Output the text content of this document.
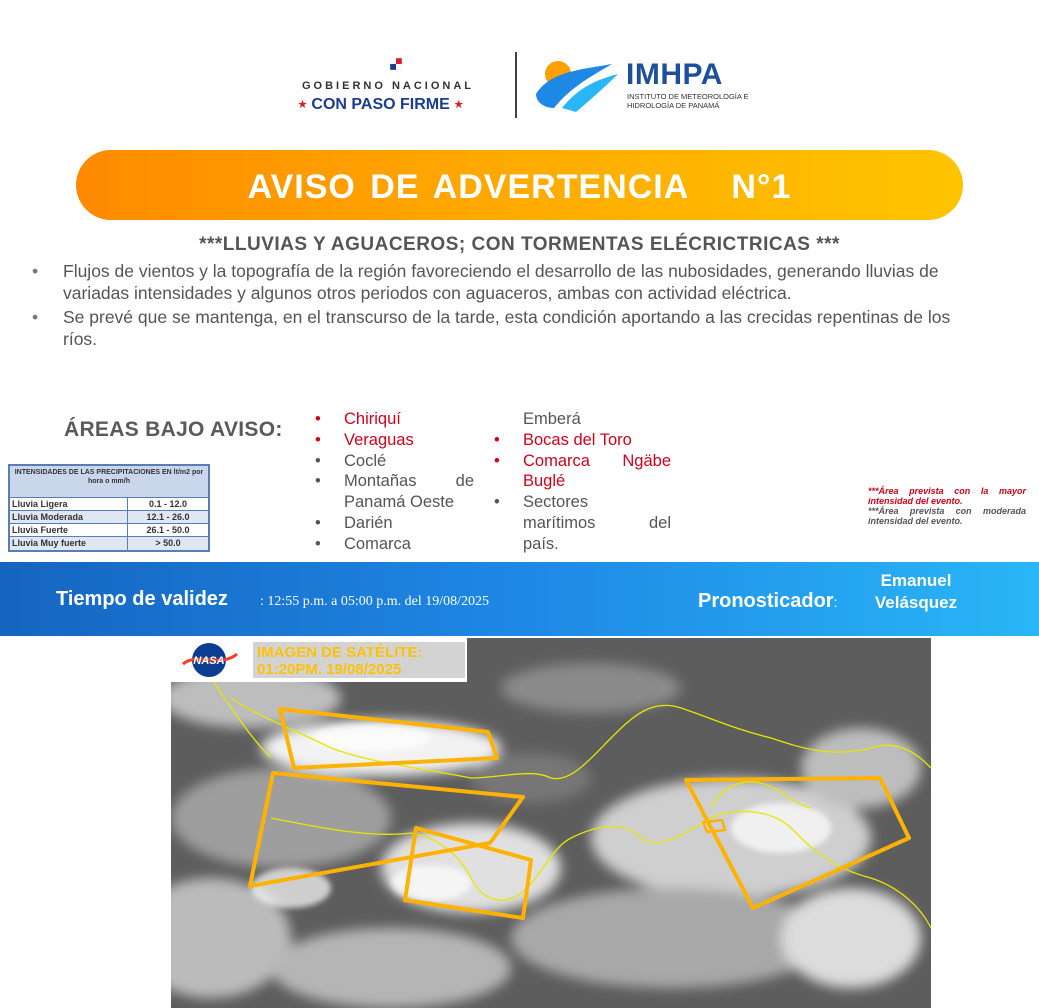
GOBIERNO NACIONAL
★ CON PASO FIRME ★
IMHPA
INSTITUTO DE METEOROLOGÍA E HIDROLOGÍA DE PANAMÁ
AVISO DE ADVERTENCIA   N°1
***LLUVIAS Y AGUACEROS; CON TORMENTAS ELÉCRICTRICAS ***
• Flujos de vientos y la topografía de la región favoreciendo el desarrollo de las nubosidades, generando lluvias de variadas intensidades y algunos otros periodos con aguaceros, ambas con actividad eléctrica.
• Se prevé que se mantenga, en el transcurso de la tarde, esta condición aportando a las crecidas repentinas de los ríos.
ÁREAS BAJO AVISO: • Chiriquí
• Veraguas
• Coclé
• Montañas de
Panamá Oeste
• Darién
• Comarca
Emberá
• Bocas del Toro
• Comarca Ngäbe
Buglé
• Sectores
marítimos	del
país.
INTENSIDADES DE LAS PRECIPITACIONES EN lt/m2 por hora o mm/h
Lluvia Ligera	0.1 - 12.0
Lluvia Moderada	12.1 - 26.0
Lluvia Fuerte	26.1 - 50.0
Lluvia Muy fuerte	> 50.0
***Área prevista con la mayor intensidad del evento.
***Área prevista con moderada intensidad del evento.
Tiempo de validez : 12:55 p.m. a 05:00 p.m. del 19/08/2025	Pronosticador:
Emanuel Velásquez
NASA IMAGEN DE SATÉLITE:
01:20PM. 19/08/2025
